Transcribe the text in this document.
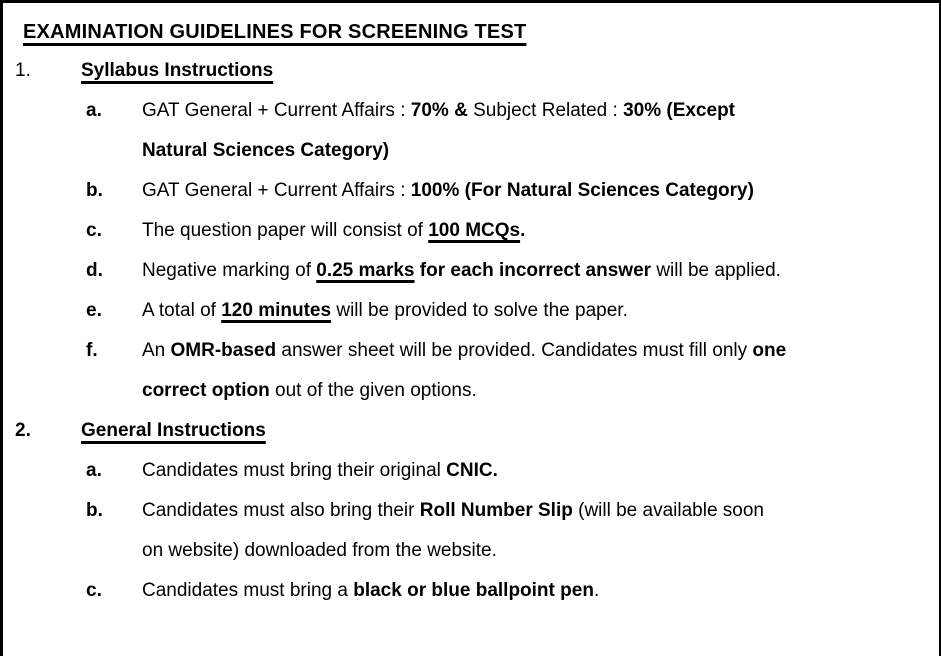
EXAMINATION GUIDELINES FOR SCREENING TEST
1.	Syllabus Instructions
a.	GAT General + Current Affairs : 70% & Subject Related : 30% (Except
Natural Sciences Category)
b.	GAT General + Current Affairs : 100% (For Natural Sciences Category)
c.	The question paper will consist of 100 MCQs.
d.	Negative marking of 0.25 marks for each incorrect answer will be applied.
e.	A total of 120 minutes will be provided to solve the paper.
f.	An OMR-based answer sheet will be provided. Candidates must fill only one
correct option out of the given options.
2.	General Instructions
a.	Candidates must bring their original CNIC.
b.	Candidates must also bring their Roll Number Slip (will be available soon
on website) downloaded from the website.
c.	Candidates must bring a black or blue ballpoint pen.
